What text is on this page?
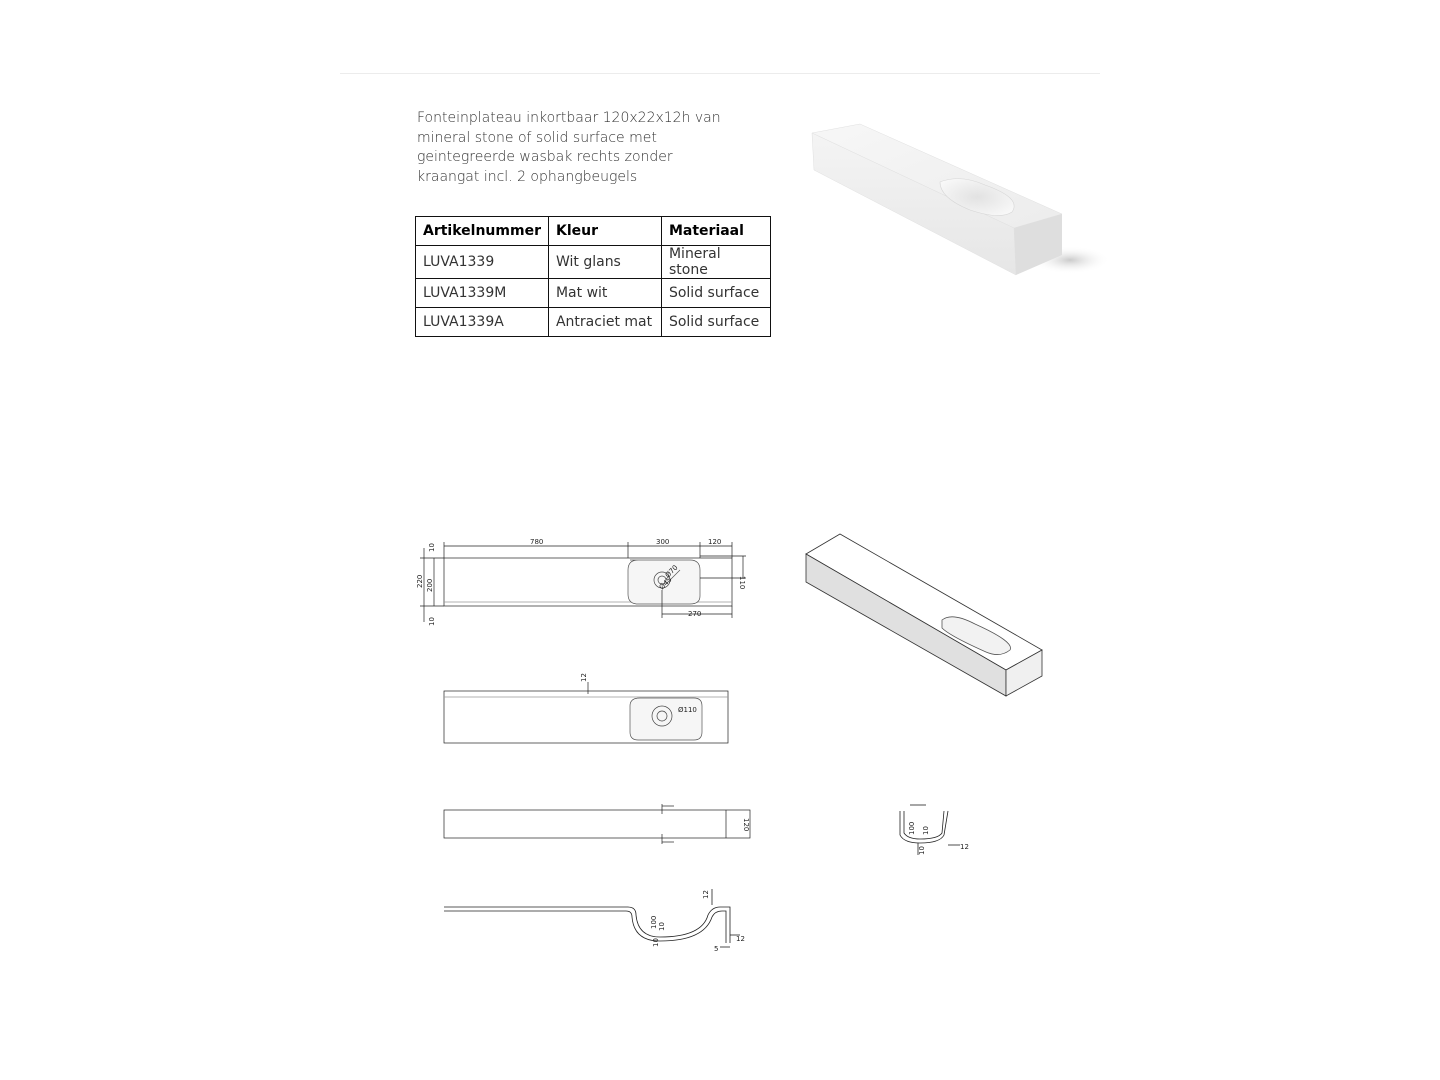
Fonteinplateau inkortbaar 120x22x12h van
mineral stone of solid surface met
geintegreerde wasbak rechts zonder
kraangat incl. 2 ophangbeugels
Artikelnummer	Kleur	Materiaal
LUVA1339	Wit glans	Mineral stone
LUVA1339M	Mat wit	Solid surface
LUVA1339A	Antraciet mat	Solid surface
780	300	120
220 200
10
10
110
Ø70
Ø45
270
12
Ø110
120
12
12
100 10
10
5
100 10
10	12
